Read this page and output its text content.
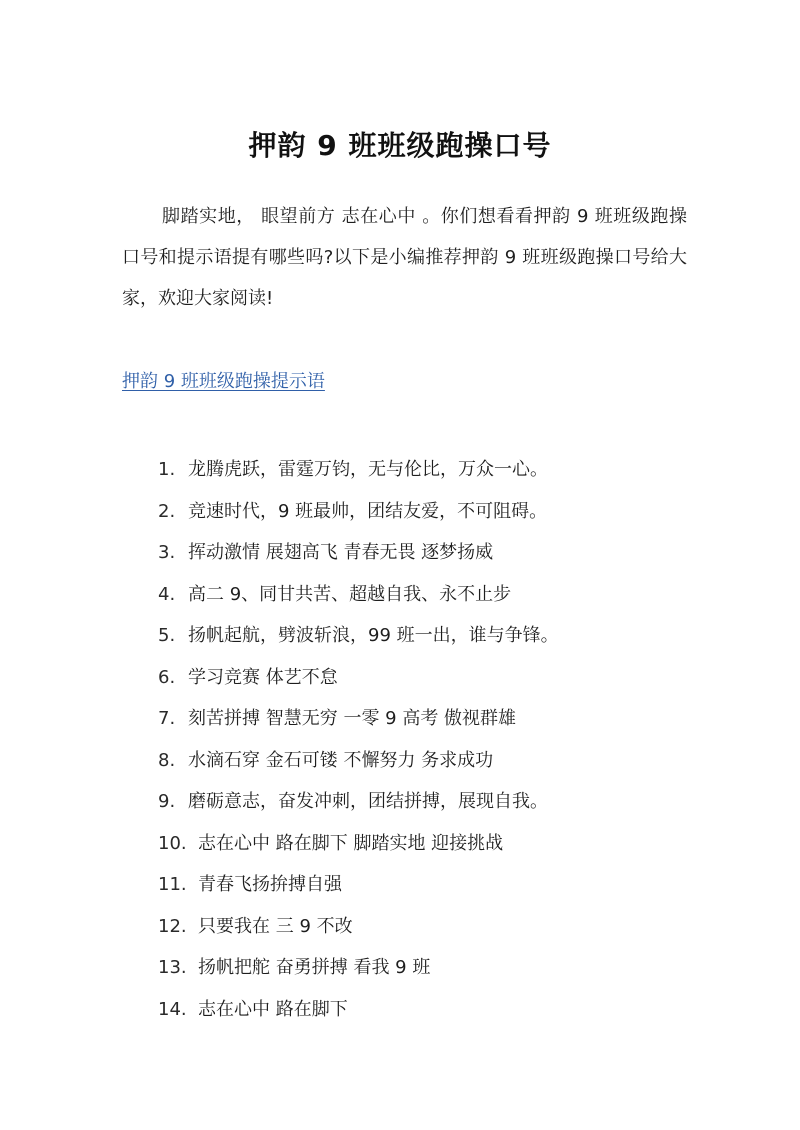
押韵 9 班班级跑操口号
脚踏实地， 眼望前方 志在心中 。你们想看看押韵 9 班班级跑操口号和提示语提有哪些吗?以下是小编推荐押韵 9 班班级跑操口号给大家，欢迎大家阅读!
押韵 9 班班级跑操提示语
1. 龙腾虎跃，雷霆万钧，无与伦比，万众一心。
2. 竞速时代，9 班最帅，团结友爱，不可阻碍。
3. 挥动激情 展翅高飞 青春无畏 逐梦扬威
4. 高二 9、同甘共苦、超越自我、永不止步
5. 扬帆起航，劈波斩浪，99 班一出，谁与争锋。
6. 学习竞赛 体艺不怠
7. 刻苦拼搏 智慧无穷 一零 9 高考 傲视群雄
8. 水滴石穿 金石可镂 不懈努力 务求成功
9. 磨砺意志，奋发冲刺，团结拼搏，展现自我。
10. 志在心中 路在脚下 脚踏实地 迎接挑战
11. 青春飞扬拚搏自强
12. 只要我在 三 9 不改
13. 扬帆把舵 奋勇拼搏 看我 9 班
14. 志在心中 路在脚下
